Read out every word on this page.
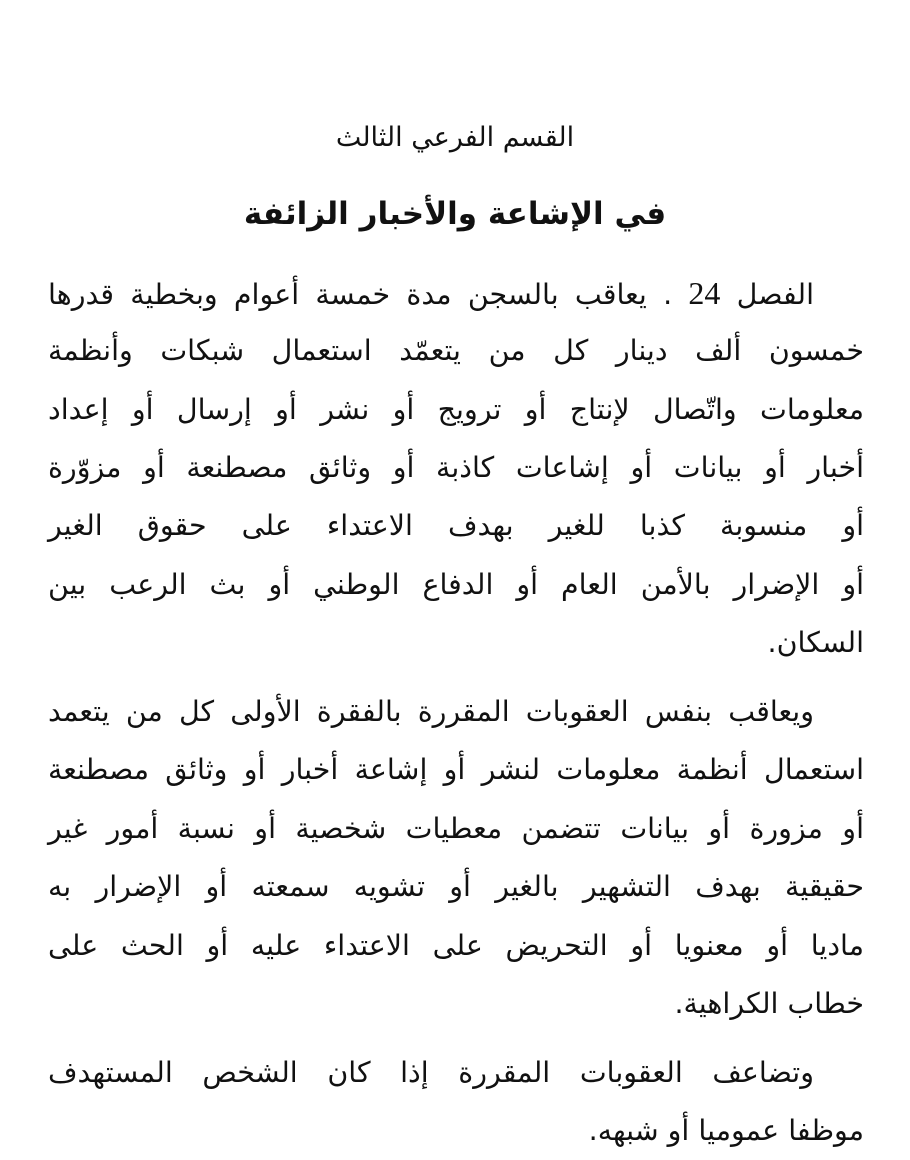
القسم الفرعي الثالث
في الإشاعة والأخبار الزائفة
الفصل 24 . يعاقب بالسجن مدة خمسة أعوام وبخطية قدرها
خمسون ألف دينار كل من يتعمّد استعمال شبكات وأنظمة
معلومات واتّصال لإنتاج أو ترويج أو نشر أو إرسال أو إعداد
أخبار أو بيانات أو إشاعات كاذبة أو وثائق مصطنعة أو مزوّرة
أو منسوبة كذبا للغير بهدف الاعتداء على حقوق الغير
أو الإضرار بالأمن العام أو الدفاع الوطني أو بث الرعب بين
السكان.
ويعاقب بنفس العقوبات المقررة بالفقرة الأولى كل من يتعمد
استعمال أنظمة معلومات لنشر أو إشاعة أخبار أو وثائق مصطنعة
أو مزورة أو بيانات تتضمن معطيات شخصية أو نسبة أمور غير
حقيقية بهدف التشهير بالغير أو تشويه سمعته أو الإضرار به
ماديا أو معنويا أو التحريض على الاعتداء عليه أو الحث على
خطاب الكراهية.
وتضاعف العقوبات المقررة إذا كان الشخص المستهدف
موظفا عموميا أو شبهه.
